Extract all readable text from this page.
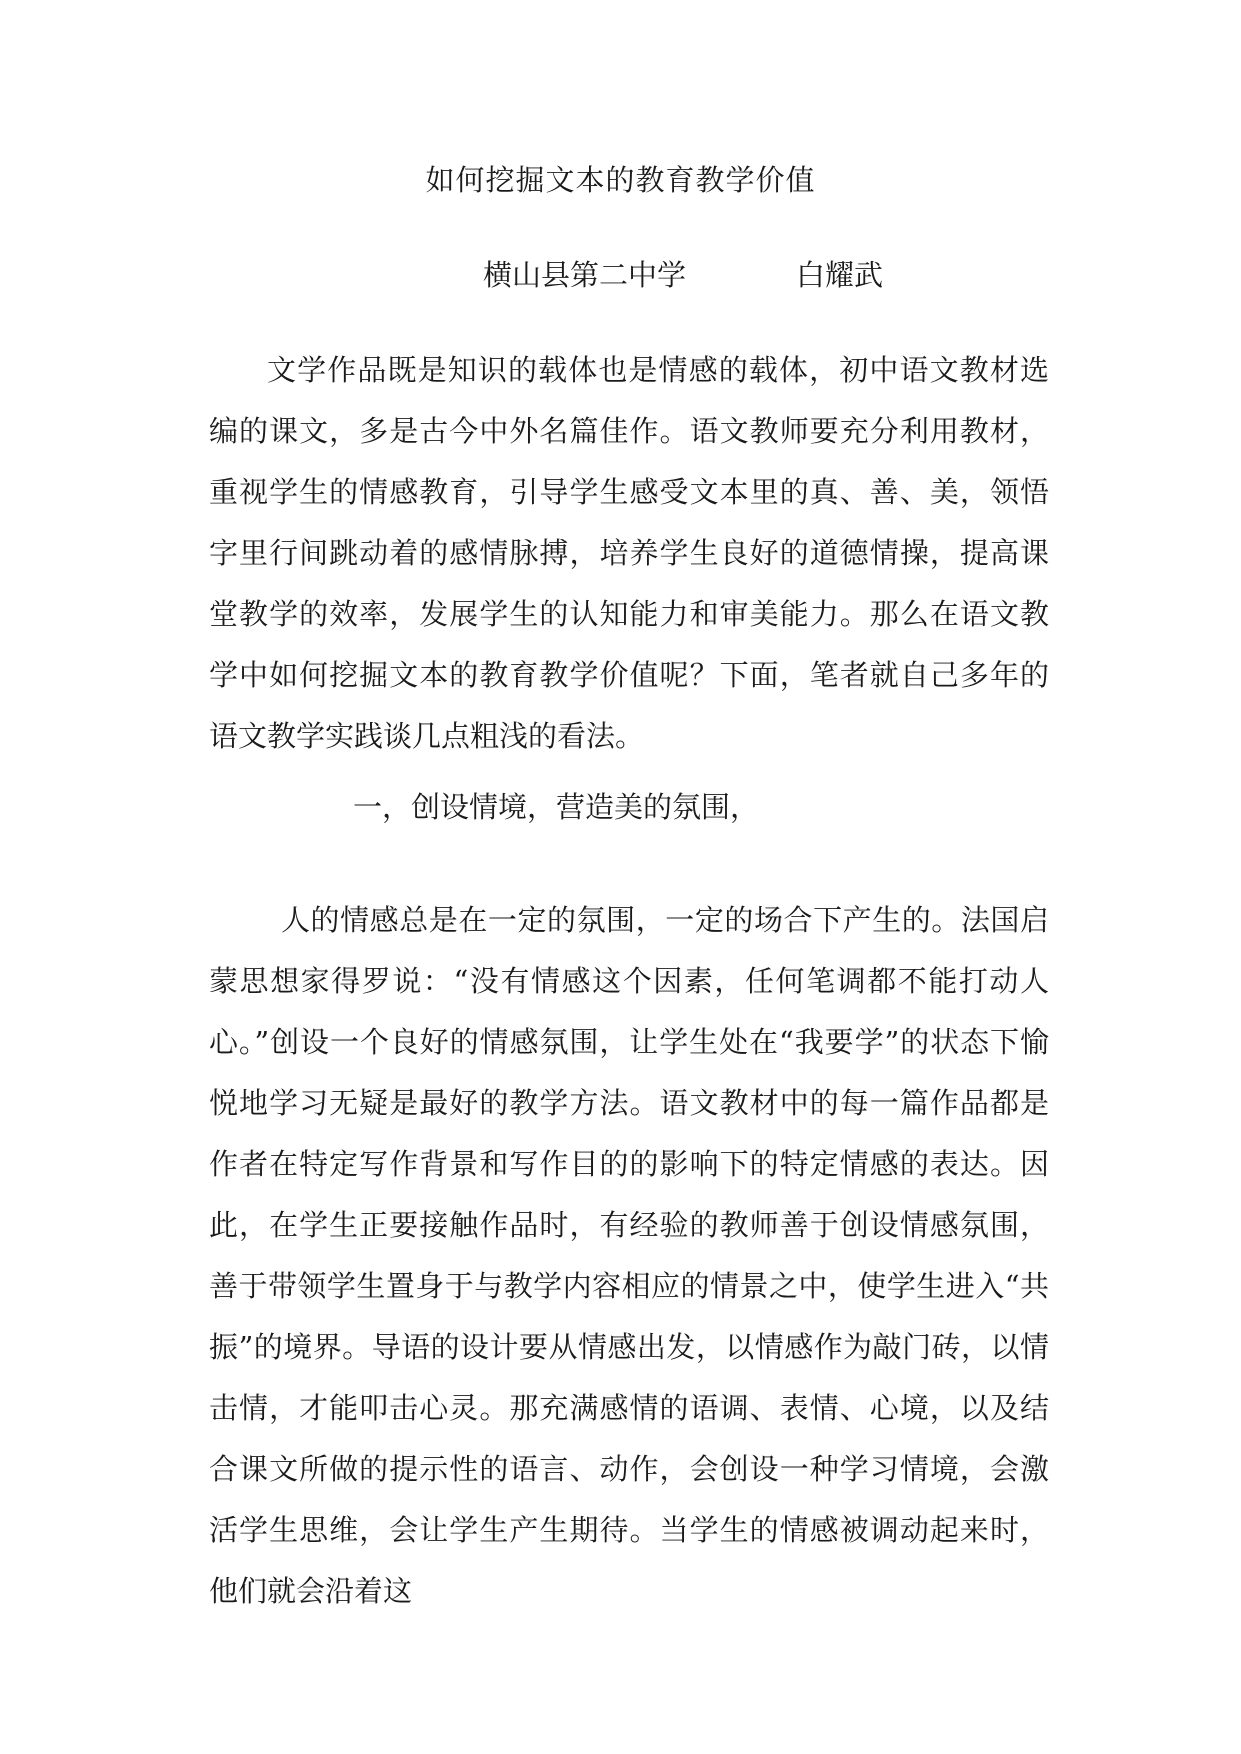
如何挖掘文本的教育教学价值
横山县第二中学	白耀武

文学作品既是知识的载体也是情感的载体，初中语文教材选编的课文，多是古今中外名篇佳作。语文教师要充分利用教材，重视学生的情感教育，引导学生感受文本里的真、善、美，领悟字里行间跳动着的感情脉搏，培养学生良好的道德情操，提高课堂教学的效率，发展学生的认知能力和审美能力。那么在语文教学中如何挖掘文本的教育教学价值呢？下面，笔者就自己多年的语文教学实践谈几点粗浅的看法。

一，创设情境，营造美的氛围，

人的情感总是在一定的氛围，一定的场合下产生的。法国启蒙思想家得罗说：“没有情感这个因素，任何笔调都不能打动人心。”创设一个良好的情感氛围，让学生处在“我要学”的状态下愉悦地学习无疑是最好的教学方法。语文教材中的每一篇作品都是作者在特定写作背景和写作目的的影响下的特定情感的表达。因此，在学生正要接触作品时，有经验的教师善于创设情感氛围，善于带领学生置身于与教学内容相应的情景之中，使学生进入“共振”的境界。导语的设计要从情感出发，以情感作为敲门砖，以情击情，才能叩击心灵。那充满感情的语调、表情、心境，以及结合课文所做的提示性的语言、动作，会创设一种学习情境，会激活学生思维，会让学生产生期待。当学生的情感被调动起来时，他们就会沿着这
